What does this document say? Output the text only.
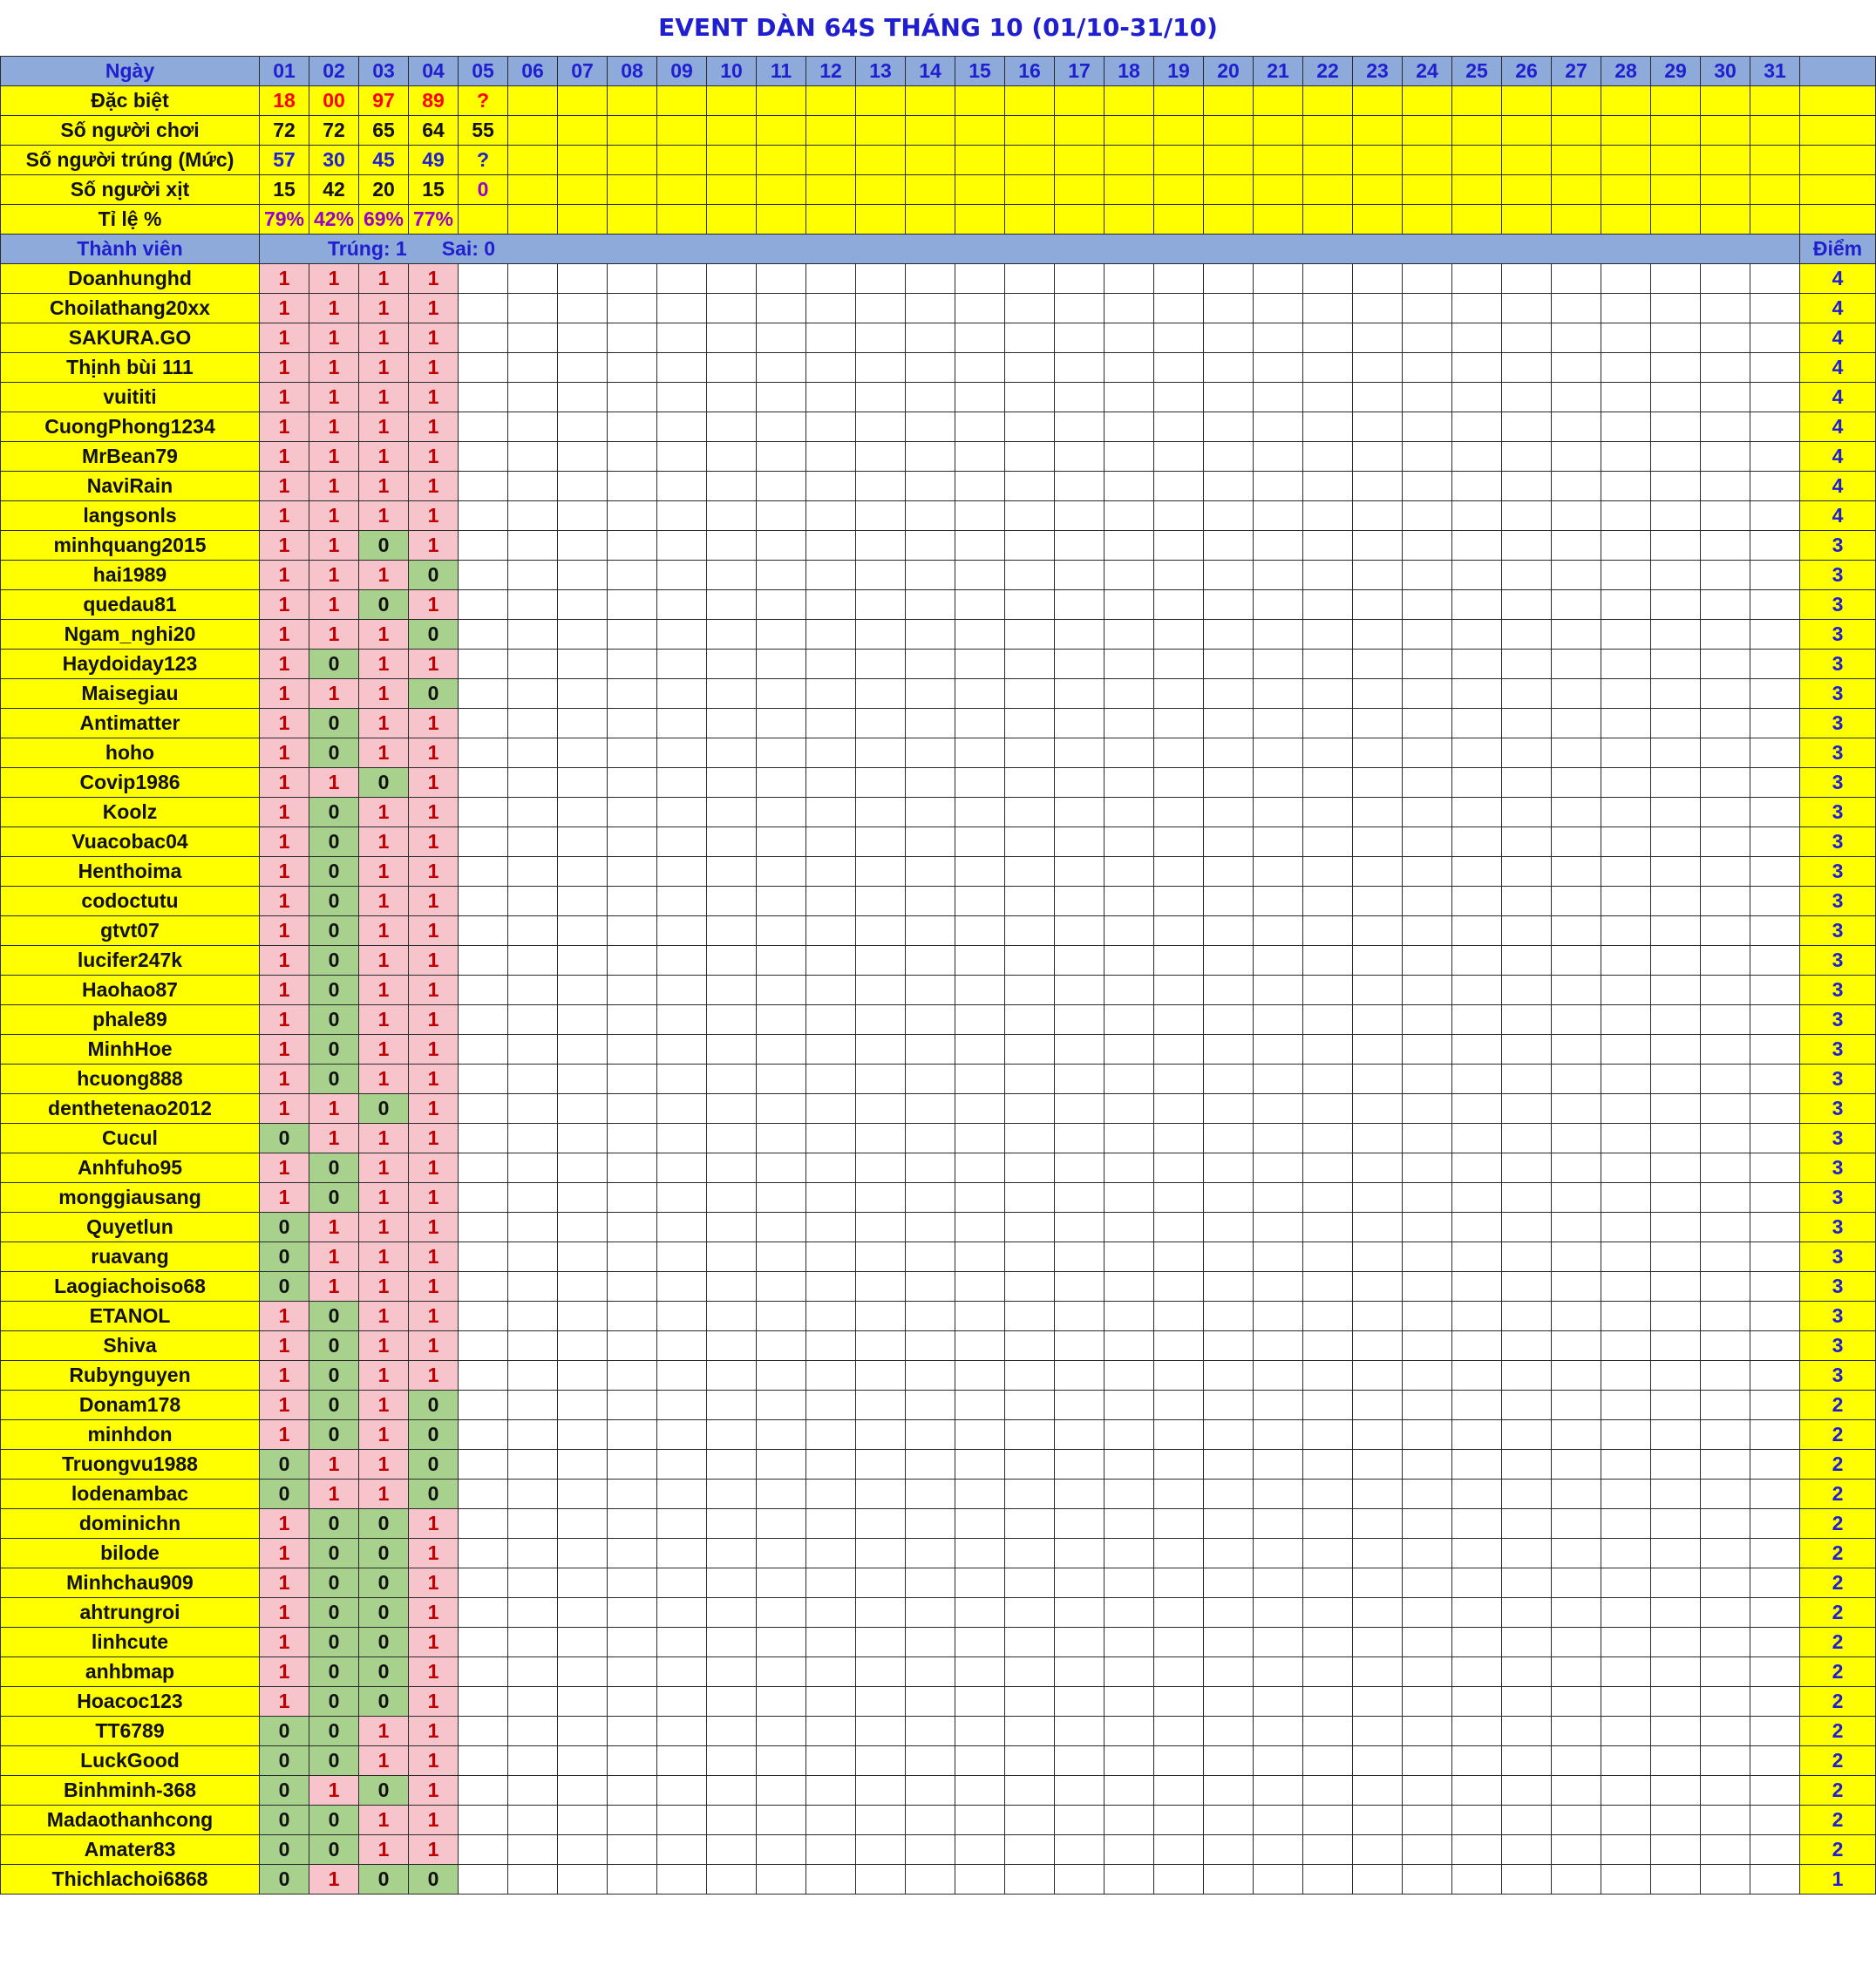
EVENT DÀN 64S THÁNG 10 (01/10-31/10)
Ngày	01	02	03	04	05	06	07	08	09	10	11	12	13	14	15	16	17	18	19	20	21	22	23	24	25	26	27	28	29	30	31	
Đặc biệt	18	00	97	89	?																											
Số người chơi	72	72	65	64	55																											
Số người trúng (Mức)	57	30	45	49	?																											
Số người xịt	15	42	20	15	0																											
Tỉ lệ %	79%	42%	69%	77%																												
Thành viên	Trúng: 1 Sai: 0																															Điểm
Doanhunghd	1	1	1	1																												4
Choilathang20xx	1	1	1	1																												4
SAKURA.GO	1	1	1	1																												4
Thịnh bùi 111	1	1	1	1																												4
vuititi	1	1	1	1																												4
CuongPhong1234	1	1	1	1																												4
MrBean79	1	1	1	1																												4
NaviRain	1	1	1	1																												4
langsonls	1	1	1	1																												4
minhquang2015	1	1	0	1																												3
hai1989	1	1	1	0																												3
quedau81	1	1	0	1																												3
Ngam_nghi20	1	1	1	0																												3
Haydoiday123	1	0	1	1																												3
Maisegiau	1	1	1	0																												3
Antimatter	1	0	1	1																												3
hoho	1	0	1	1																												3
Covip1986	1	1	0	1																												3
Koolz	1	0	1	1																												3
Vuacobac04	1	0	1	1																												3
Henthoima	1	0	1	1																												3
codoctutu	1	0	1	1																												3
gtvt07	1	0	1	1																												3
lucifer247k	1	0	1	1																												3
Haohao87	1	0	1	1																												3
phale89	1	0	1	1																												3
MinhHoe	1	0	1	1																												3
hcuong888	1	0	1	1																												3
denthetenao2012	1	1	0	1																												3
Cucul	0	1	1	1																												3
Anhfuho95	1	0	1	1																												3
monggiausang	1	0	1	1																												3
Quyetlun	0	1	1	1																												3
ruavang	0	1	1	1																												3
Laogiachoiso68	0	1	1	1																												3
ETANOL	1	0	1	1																												3
Shiva	1	0	1	1																												3
Rubynguyen	1	0	1	1																												3
Donam178	1	0	1	0																												2
minhdon	1	0	1	0																												2
Truongvu1988	0	1	1	0																												2
lodenambac	0	1	1	0																												2
dominichn	1	0	0	1																												2
bilode	1	0	0	1																												2
Minhchau909	1	0	0	1																												2
ahtrungroi	1	0	0	1																												2
linhcute	1	0	0	1																												2
anhbmap	1	0	0	1																												2
Hoacoc123	1	0	0	1																												2
TT6789	0	0	1	1																												2
LuckGood	0	0	1	1																												2
Binhminh-368	0	1	0	1																												2
Madaothanhcong	0	0	1	1																												2
Amater83	0	0	1	1																												2
Thichlachoi6868	0	1	0	0																												1
